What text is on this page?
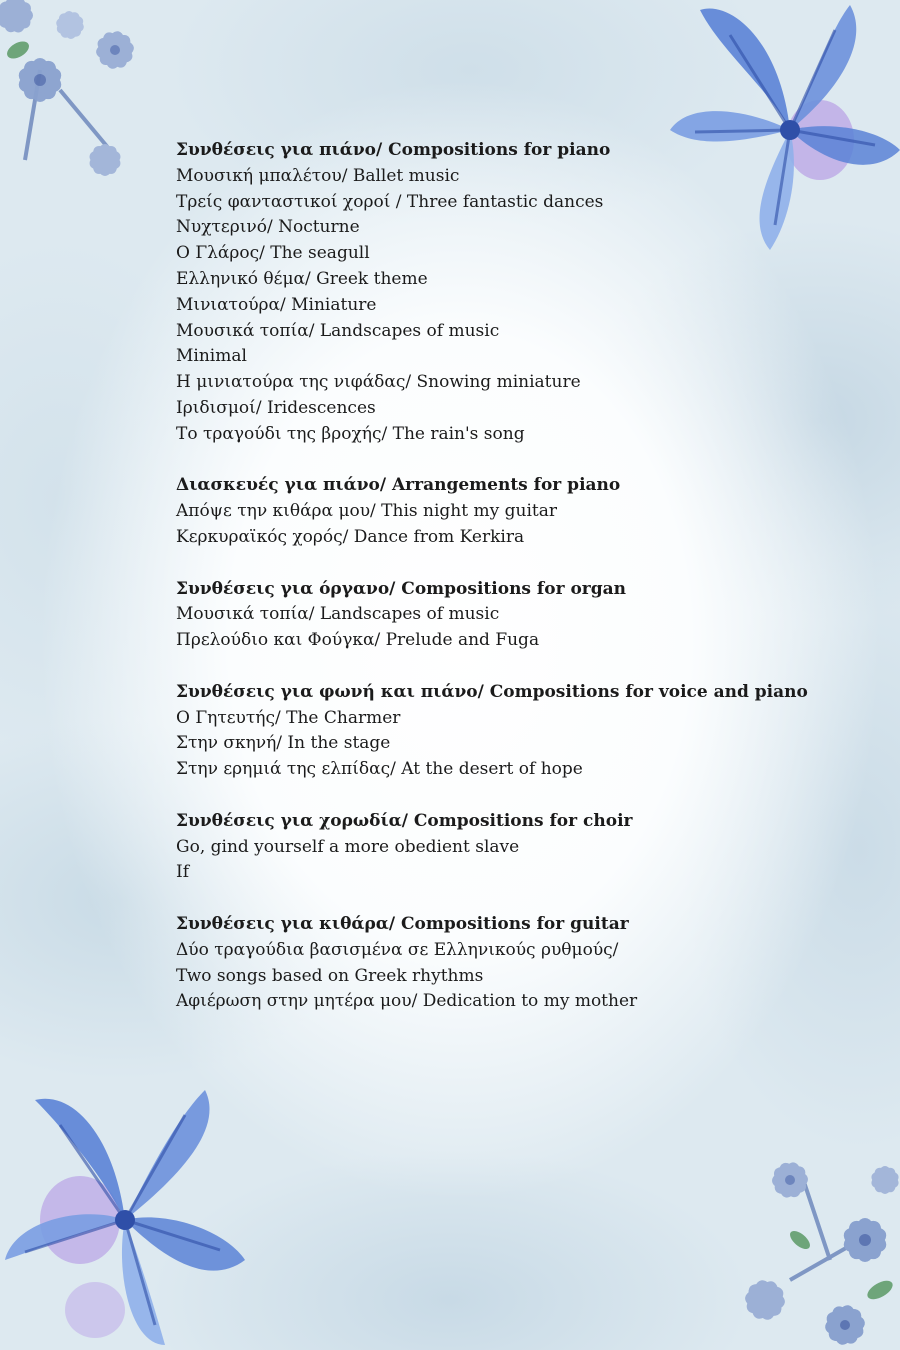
Συνθέσεις για πιάνο/ Compositions for piano
Μουσική μπαλέτου/ Ballet music
Τρείς φανταστικοί χοροί / Three fantastic dances
Νυχτερινό/ Nocturne
Ο Γλάρος/ The seagull
Ελληνικό θέμα/ Greek theme
Μινιατούρα/ Miniature
Μουσικά τοπία/ Landscapes of music
Minimal
Η μινιατούρα της νιφάδας/ Snowing miniature
Ιριδισμοί/ Iridescences
Το τραγούδι της βροχής/ The rain's song
Διασκευές για πιάνο/ Arrangements for piano
Απόψε την κιθάρα μου/ This night my guitar
Κερκυραϊκός χορός/ Dance from Kerkira
Συνθέσεις για όργανο/ Compositions for organ
Μουσικά τοπία/ Landscapes of music
Πρελούδιο και Φούγκα/ Prelude and Fuga
Συνθέσεις για φωνή και πιάνο/ Compositions for voice and piano
Ο Γητευτής/ The Charmer
Στην σκηνή/ In the stage
Στην ερημιά της ελπίδας/ At the desert of hope
Συνθέσεις για χορωδία/ Compositions for choir
Go, gind yourself a more obedient slave
If
Συνθέσεις για κιθάρα/ Compositions for guitar
Δύο τραγούδια βασισμένα σε Ελληνικούς ρυθμούς/
Two songs based on Greek rhythms
Αφιέρωση στην μητέρα μου/ Dedication to my mother
